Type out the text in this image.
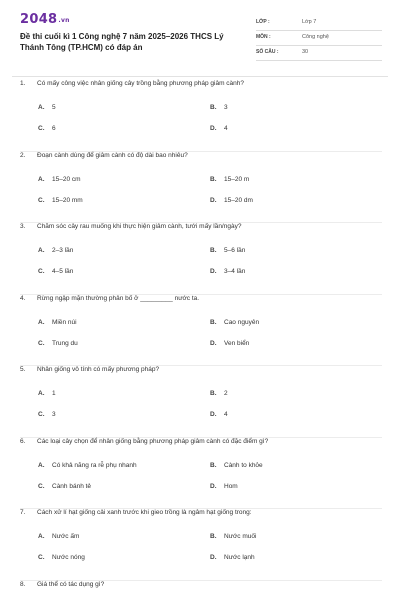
2048.vn
Đề thi cuối kì 1 Công nghệ 7 năm 2025–2026 THCS Lý Thánh Tông (TP.HCM) có đáp án
LỚP :	Lớp 7
MÔN :	Công nghệ
SỐ CÂU :	30
1. Có mấy công việc nhân giống cây trồng bằng phương pháp giâm cành?
A. 5	B. 3
C. 6	D. 4
2. Đoạn cành dùng để giâm cành có độ dài bao nhiêu?
A. 15–20 cm	B. 15–20 m
C. 15–20 mm	D. 15–20 dm
3. Chăm sóc cây rau muống khi thực hiện giâm cành, tưới mấy lần/ngày?
A. 2–3 lần	B. 5–6 lần
C. 4–5 lần	D. 3–4 lần
4. Rừng ngập mặn thường phân bố ở _________ nước ta.
A. Miền núi	B. Cao nguyên
C. Trung du	D. Ven biển
5. Nhân giống vô tính có mấy phương pháp?
A. 1	B. 2
C. 3	D. 4
6. Các loại cây chọn để nhân giống bằng phương pháp giâm cành có đặc điểm gì?
A. Có khả năng ra rễ phụ nhanh	B. Cành to khỏe
C. Cành bánh tẻ	D. Hom
7. Cách xử lí hạt giống cải xanh trước khi gieo trồng là ngâm hạt giống trong:
A. Nước ấm	B. Nước muối
C. Nước nóng	D. Nước lạnh
8. Giá thể có tác dụng gì?
